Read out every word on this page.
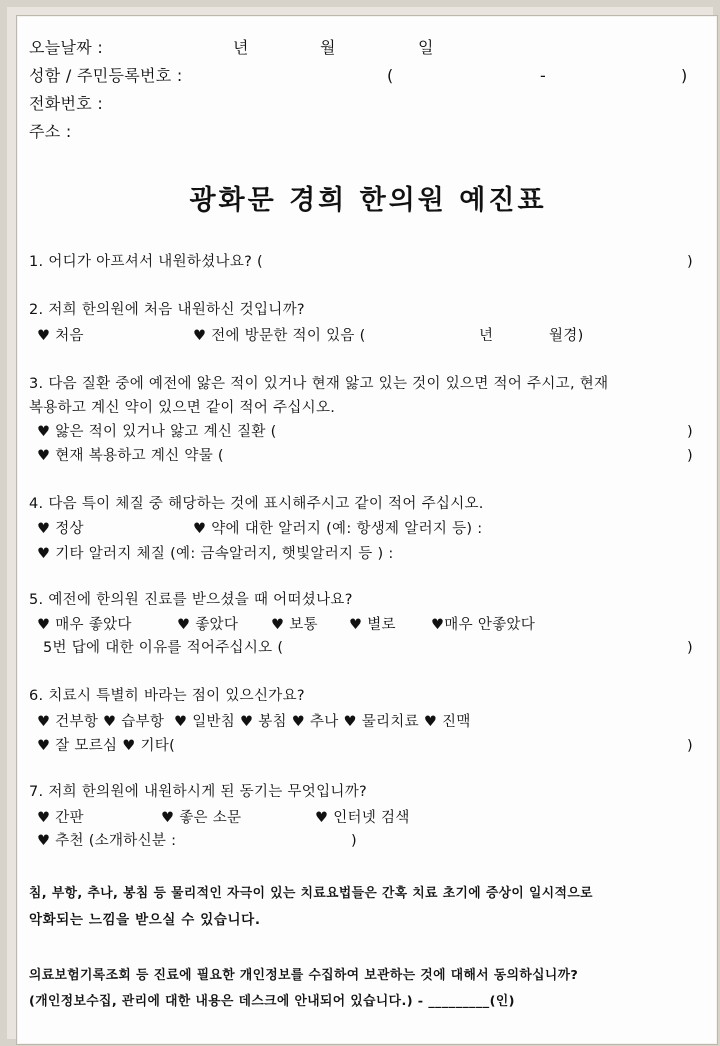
오늘날짜 :	년	월	일
성함 / 주민등록번호 :	(	-	)
전화번호 :
주소 :
광화문 경희 한의원 예진표
1. 어디가 아프셔서 내원하셨나요? (	)
2. 저희 한의원에 처음 내원하신 것입니까?
♥ 처음	♥ 전에 방문한 적이 있음 (	년	월경)
3. 다음 질환 중에 예전에 앓은 적이 있거나 현재 앓고 있는 것이 있으면 적어 주시고, 현재
복용하고 계신 약이 있으면 같이 적어 주십시오.
♥ 앓은 적이 있거나 앓고 계신 질환 (	)
♥ 현재 복용하고 계신 약물 (	)
4. 다음 특이 체질 중 해당하는 것에 표시해주시고 같이 적어 주십시오.
♥ 정상	♥ 약에 대한 알러지 (예: 항생제 알러지 등) :
♥ 기타 알러지 체질 (예: 금속알러지, 햇빛알러지 등 ) :
5. 예전에 한의원 진료를 받으셨을 때 어떠셨나요?
♥ 매우 좋았다	♥ 좋았다 ♥ 보통 ♥ 별로 ♥매우 안좋았다
5번 답에 대한 이유를 적어주십시오 (	)
6. 치료시 특별히 바라는 점이 있으신가요?
♥ 건부항 ♥ 습부항  ♥ 일반침 ♥ 봉침 ♥ 추나 ♥ 물리치료 ♥ 진맥
♥ 잘 모르심 ♥ 기타(	)
7. 저희 한의원에 내원하시게 된 동기는 무엇입니까?
♥ 간판	♥ 좋은 소문	♥ 인터넷 검색
♥ 추천 (소개하신분 :	)
침, 부항, 추나, 봉침 등 물리적인 자극이 있는 치료요법들은 간혹 치료 초기에 증상이 일시적으로
악화되는 느낌을 받으실 수 있습니다.
의료보험기록조회 등 진료에 필요한 개인정보를 수집하여 보관하는 것에 대해서 동의하십니까?
(개인정보수집, 관리에 대한 내용은 데스크에 안내되어 있습니다.) - _________(인)
